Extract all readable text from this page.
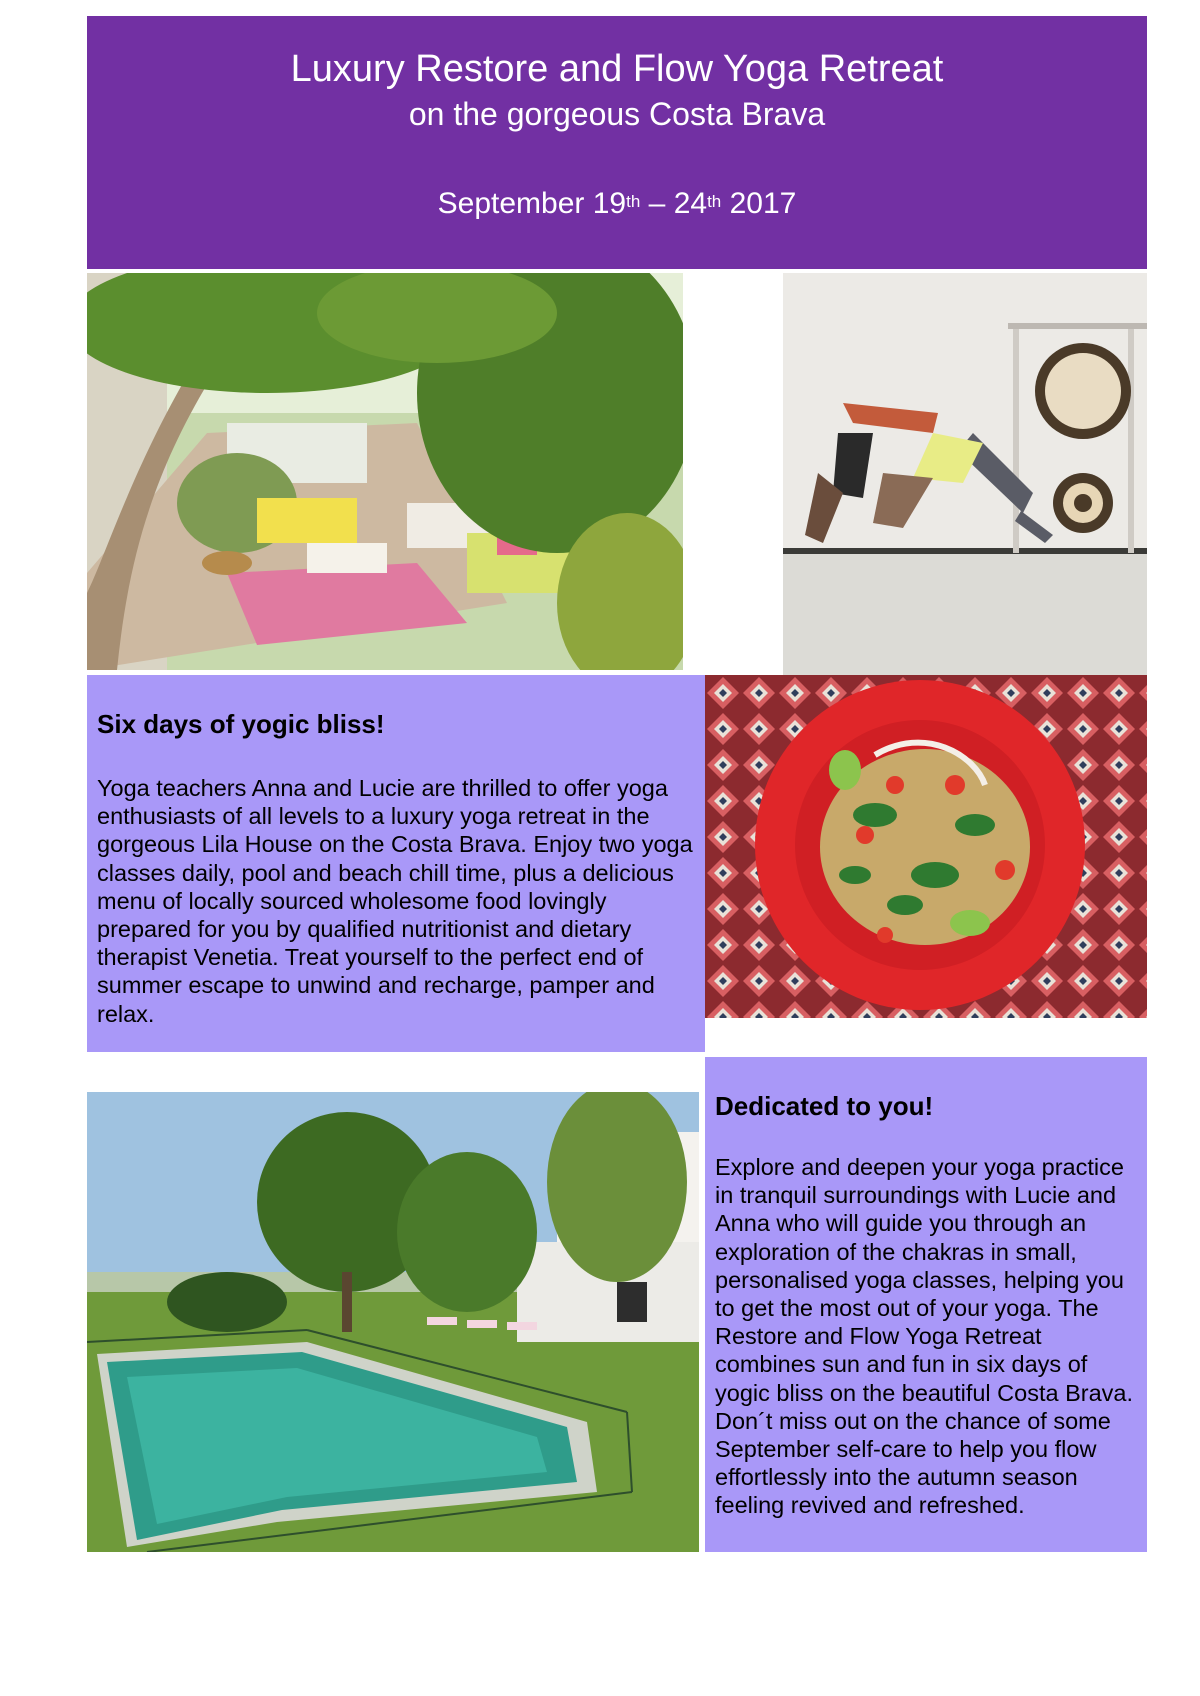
Luxury Restore and Flow Yoga Retreat
on the gorgeous Costa Brava
September 19th – 24th 2017
Six days of yogic bliss!

Yoga teachers Anna and Lucie are thrilled to offer yoga enthusiasts of all levels to a luxury yoga retreat in the gorgeous Lila House on the Costa Brava. Enjoy two yoga classes daily, pool and beach chill time, plus a delicious menu of locally sourced wholesome food lovingly prepared for you by qualified nutritionist and dietary therapist Venetia. Treat yourself to the perfect end of summer escape to unwind and recharge, pamper and relax.

Dedicated to you!

Explore and deepen your yoga practice in tranquil surroundings with Lucie and Anna who will guide you through an exploration of the chakras in small, personalised yoga classes, helping you to get the most out of your yoga. The Restore and Flow Yoga Retreat combines sun and fun in six days of yogic bliss on the beautiful Costa Brava. Don´t miss out on the chance of some September self-care to help you flow effortlessly into the autumn season feeling revived and refreshed.
